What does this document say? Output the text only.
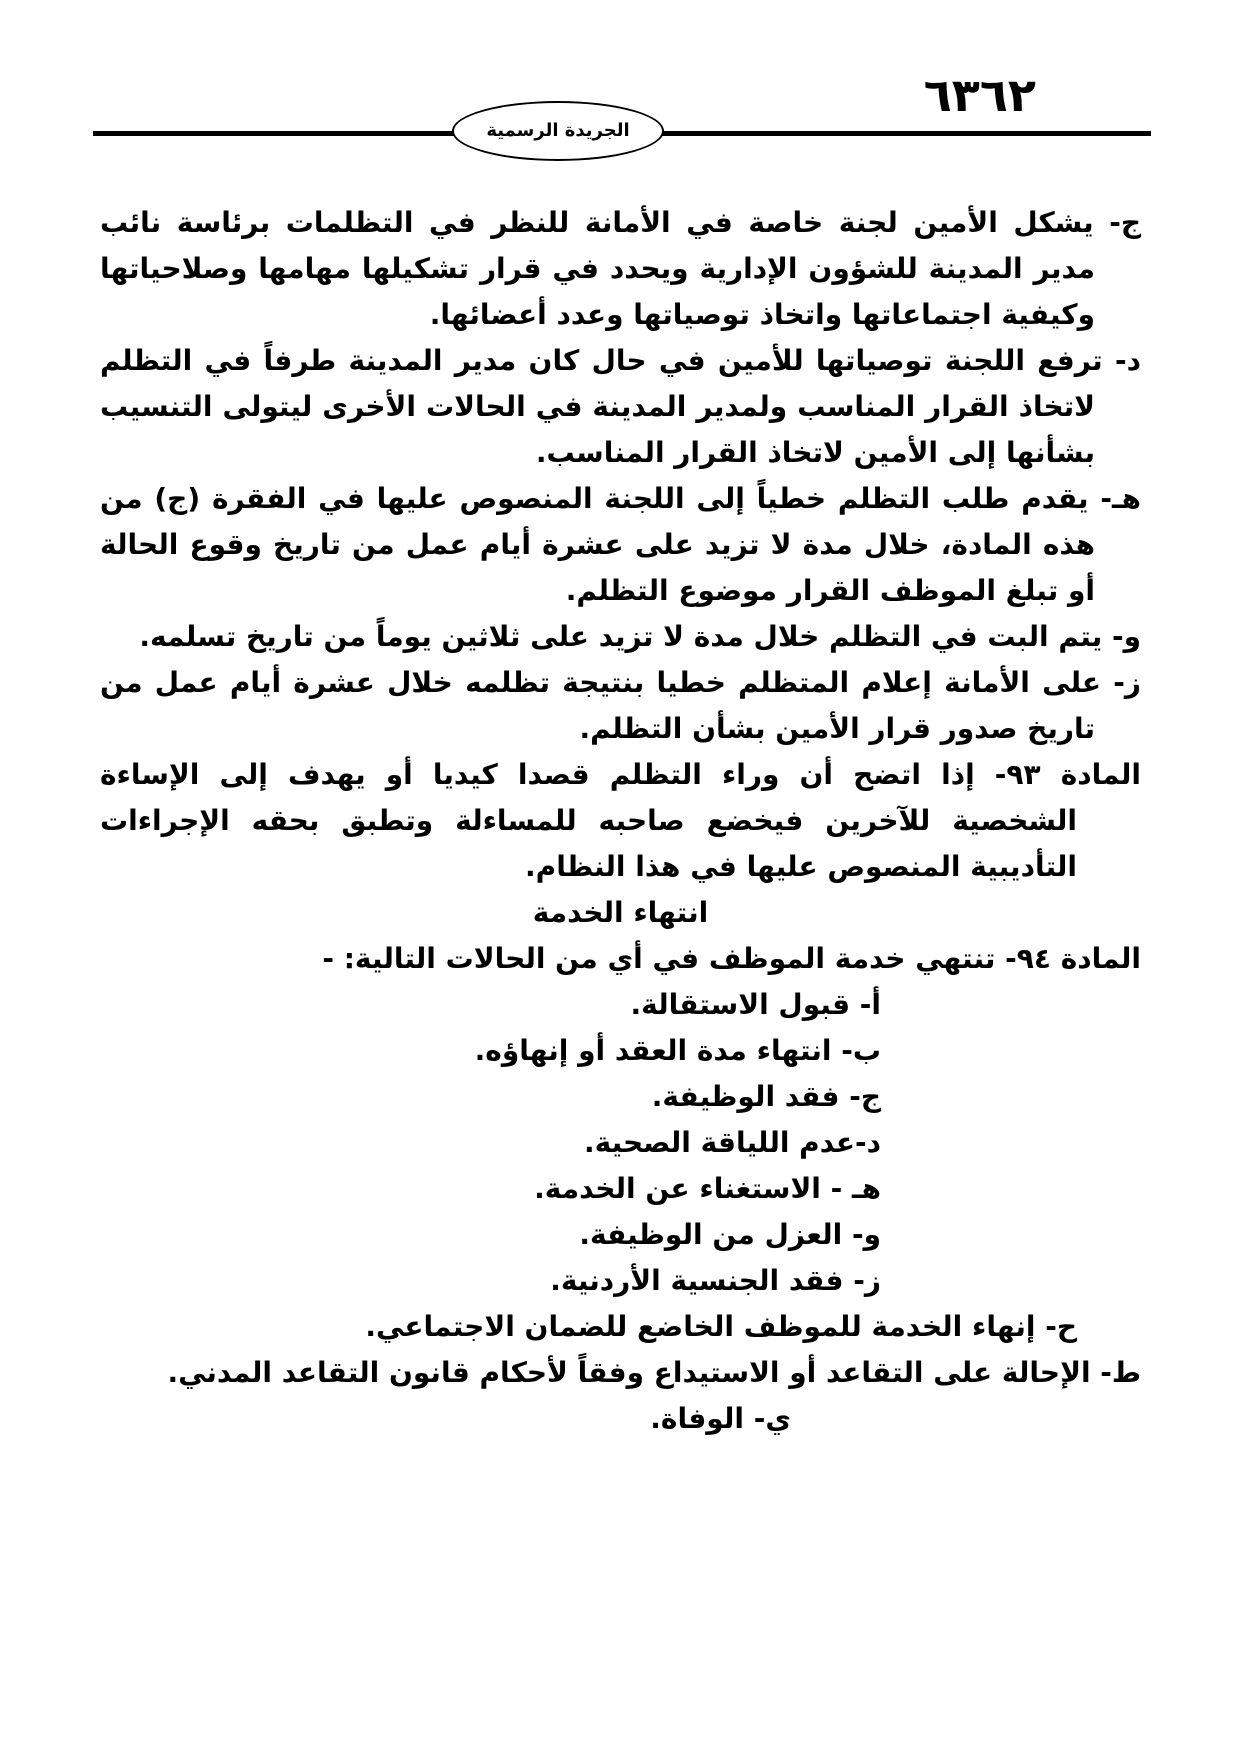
٦٣٦٢
الجريدة الرسمية

ج- يشكل الأمين لجنة خاصة في الأمانة للنظر في التظلمات برئاسة نائب مدير المدينة للشؤون الإدارية ويحدد في قرار تشكيلها مهامها وصلاحياتها وكيفية اجتماعاتها واتخاذ توصياتها وعدد أعضائها.

د- ترفع اللجنة توصياتها للأمين في حال كان مدير المدينة طرفاً في التظلم لاتخاذ القرار المناسب ولمدير المدينة في الحالات الأخرى ليتولى التنسيب بشأنها إلى الأمين لاتخاذ القرار المناسب.

هـ- يقدم طلب التظلم خطياً إلى اللجنة المنصوص عليها في الفقرة (ج) من هذه المادة، خلال مدة لا تزيد على عشرة أيام عمل من تاريخ وقوع الحالة أو تبلغ الموظف القرار موضوع التظلم.

و- يتم البت في التظلم خلال مدة لا تزيد على ثلاثين يوماً من تاريخ تسلمه.

ز- على الأمانة إعلام المتظلم خطيا بنتيجة تظلمه خلال عشرة أيام عمل من تاريخ صدور قرار الأمين بشأن التظلم.

المادة ٩٣- إذا اتضح أن وراء التظلم قصدا كيديا أو يهدف إلى الإساءة الشخصية للآخرين فيخضع صاحبه للمساءلة وتطبق بحقه الإجراءات التأديبية المنصوص عليها في هذا النظام.

انتهاء الخدمة

المادة ٩٤- تنتهي خدمة الموظف في أي من الحالات التالية: -

أ- قبول الاستقالة.

ب- انتهاء مدة العقد أو إنهاؤه.

ج- فقد الوظيفة.

د-عدم اللياقة الصحية.

هـ - الاستغناء عن الخدمة.

و- العزل من الوظيفة.

ز- فقد الجنسية الأردنية.

ح- إنهاء الخدمة للموظف الخاضع للضمان الاجتماعي.

ط- الإحالة على التقاعد أو الاستيداع وفقاً لأحكام قانون التقاعد المدني.

ي- الوفاة.
